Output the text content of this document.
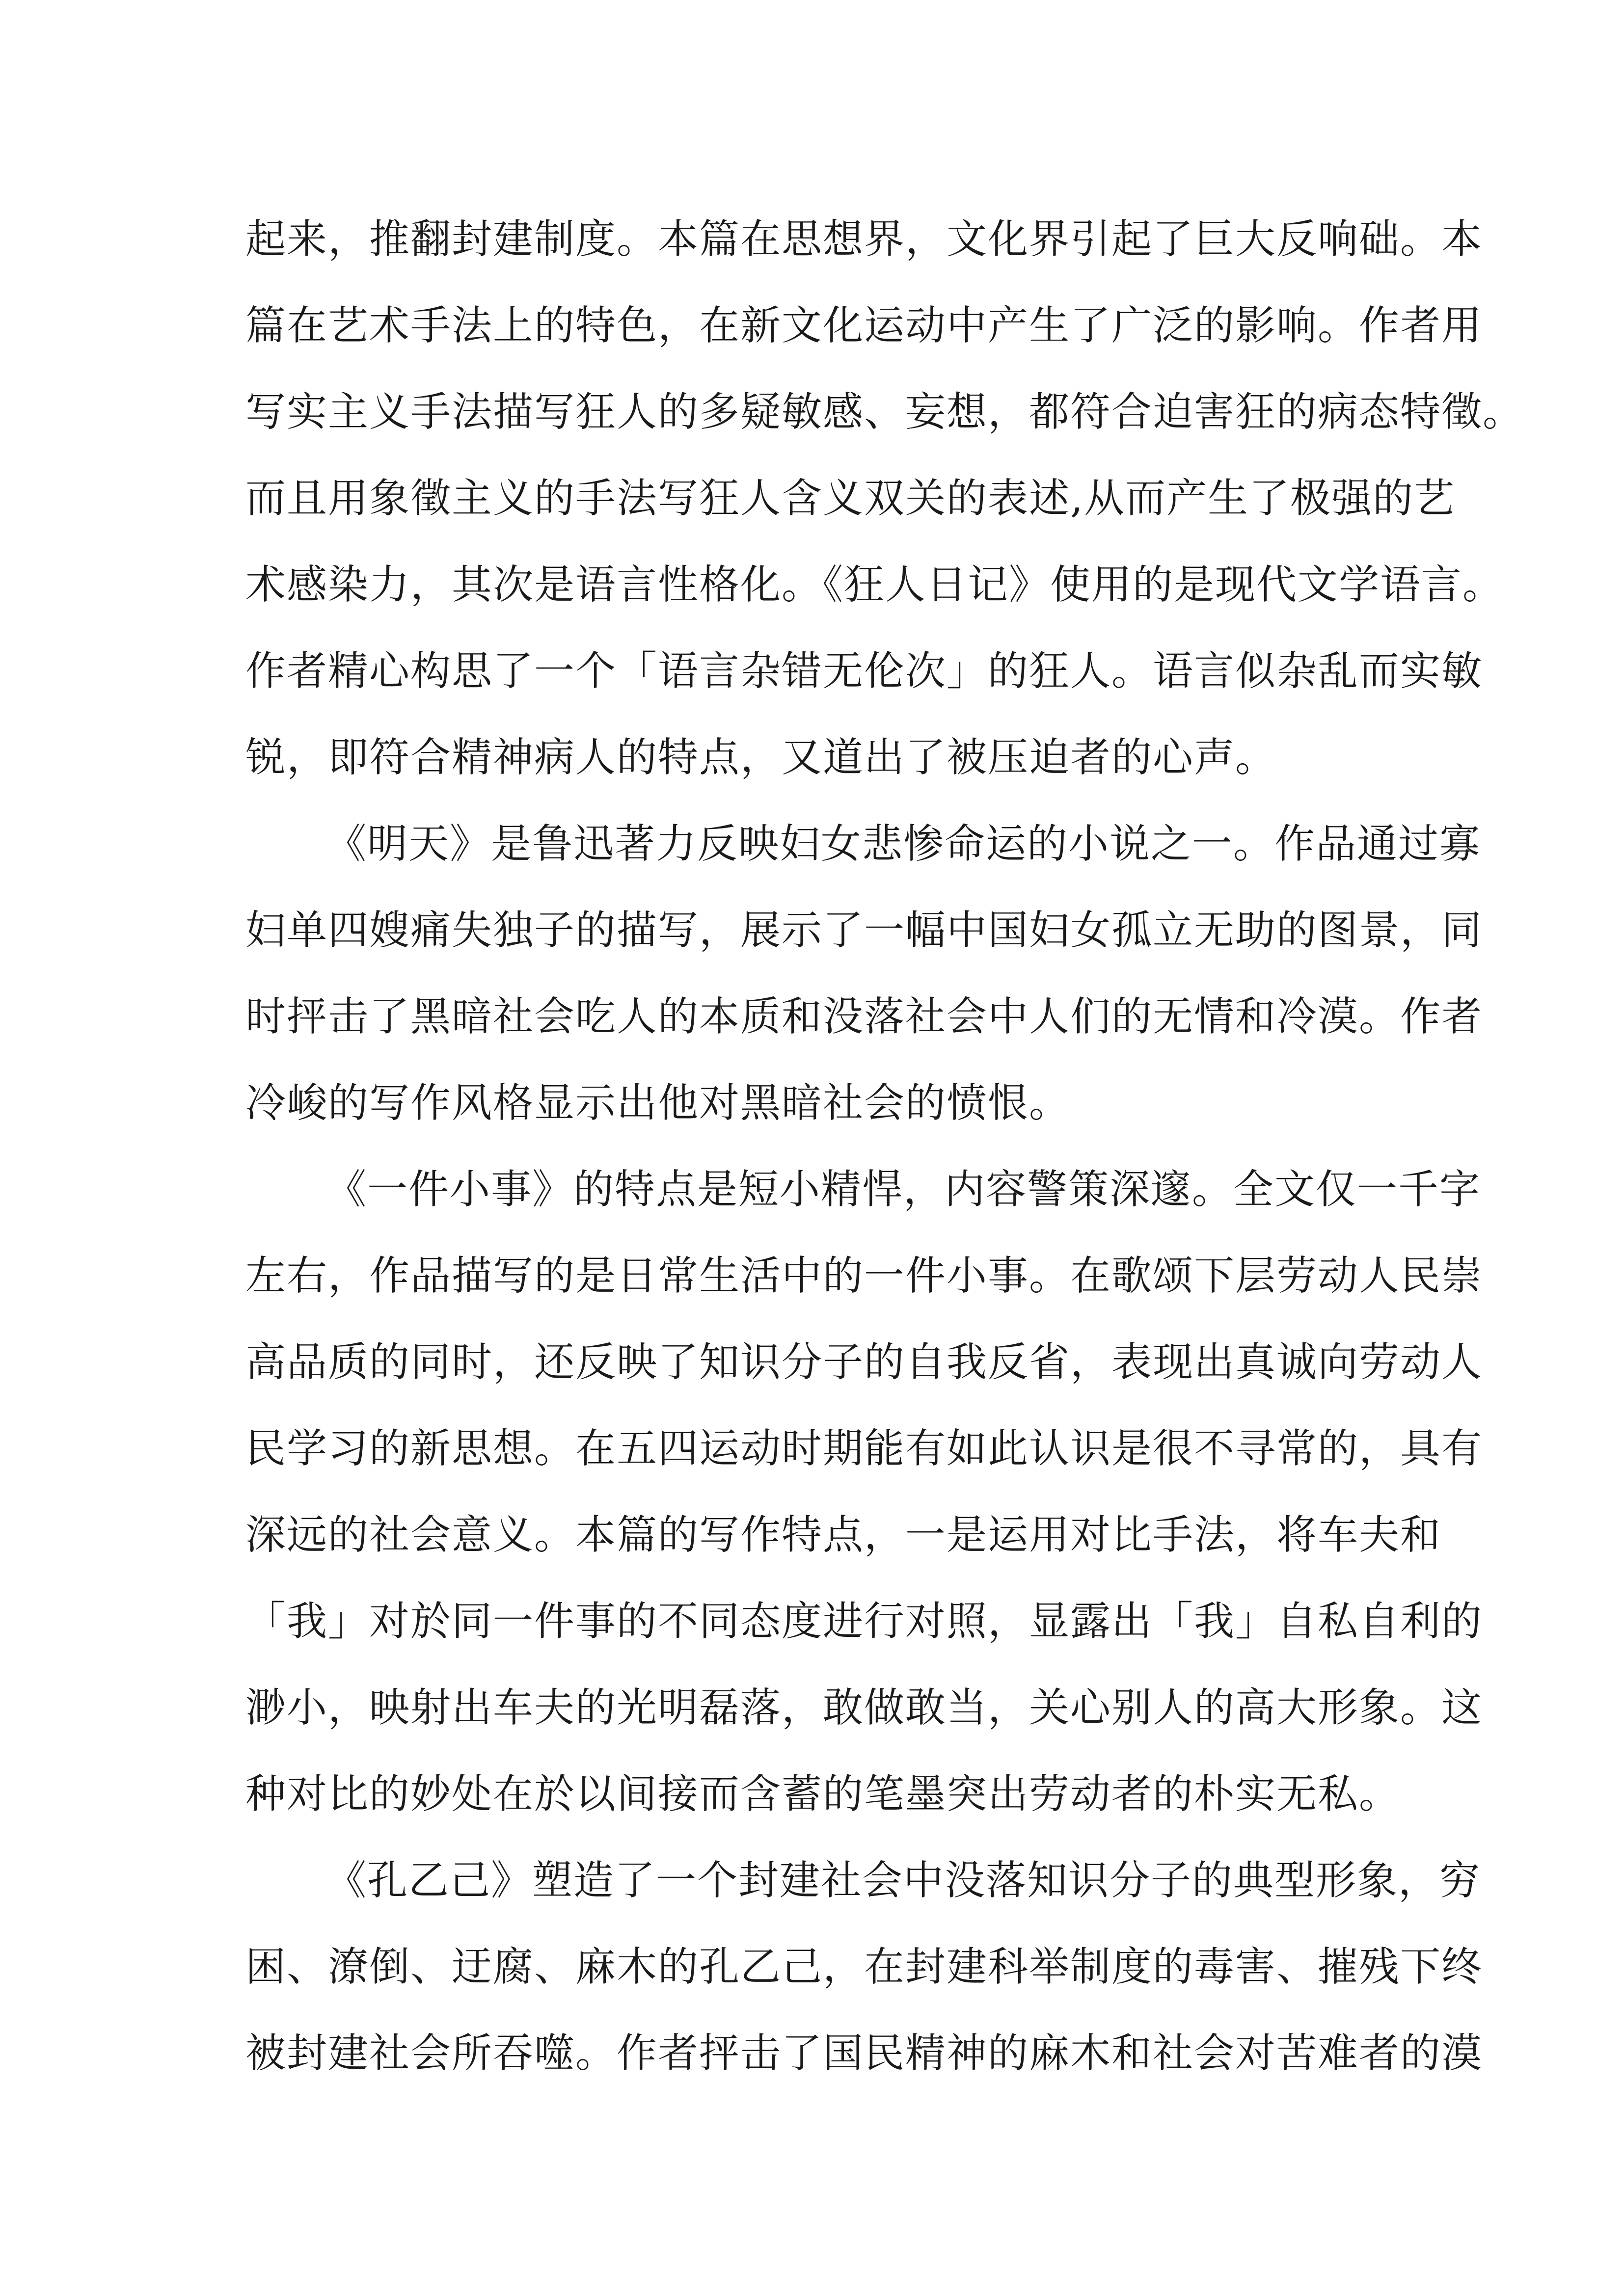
起来，推翻封建制度。本篇在思想界，文化界引起了巨大反响础。本
篇在艺术手法上的特色，在新文化运动中产生了广泛的影响。作者用
写实主义手法描写狂人的多疑敏感、妄想，都符合迫害狂的病态特徵。
而且用象徵主义的手法写狂人含义双关的表述,从而产生了极强的艺
术感染力，其次是语言性格化。《狂人日记》使用的是现代文学语言。
作者精心构思了一个「语言杂错无伦次」的狂人。语言似杂乱而实敏
锐，即符合精神病人的特点，又道出了被压迫者的心声。
《明天》是鲁迅著力反映妇女悲惨命运的小说之一。作品通过寡
妇单四嫂痛失独子的描写，展示了一幅中国妇女孤立无助的图景，同
时抨击了黑暗社会吃人的本质和没落社会中人们的无情和冷漠。作者
冷峻的写作风格显示出他对黑暗社会的愤恨。
《一件小事》的特点是短小精悍，内容警策深邃。全文仅一千字
左右，作品描写的是日常生活中的一件小事。在歌颂下层劳动人民崇
高品质的同时，还反映了知识分子的自我反省，表现出真诚向劳动人
民学习的新思想。在五四运动时期能有如此认识是很不寻常的，具有
深远的社会意义。本篇的写作特点，一是运用对比手法，将车夫和
「我」对於同一件事的不同态度进行对照，显露出「我」自私自利的
渺小，映射出车夫的光明磊落，敢做敢当，关心别人的高大形象。这
种对比的妙处在於以间接而含蓄的笔墨突出劳动者的朴实无私。
《孔乙己》塑造了一个封建社会中没落知识分子的典型形象，穷
困、潦倒、迂腐、麻木的孔乙己，在封建科举制度的毒害、摧残下终
被封建社会所吞噬。作者抨击了国民精神的麻木和社会对苦难者的漠
